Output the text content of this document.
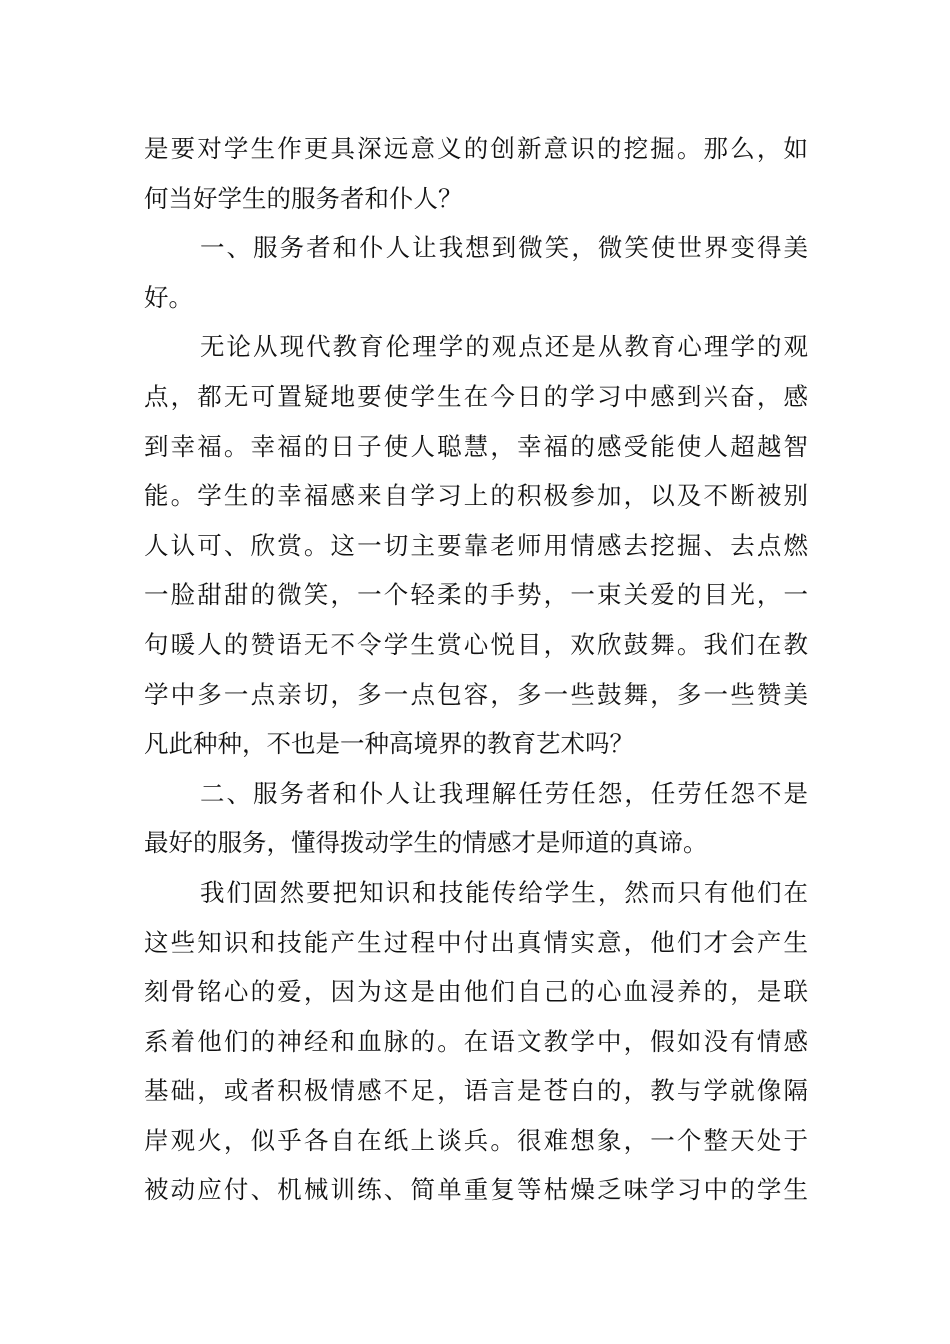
是要对学生作更具深远意义的创新意识的挖掘。那么，如
何当好学生的服务者和仆人？
一、服务者和仆人让我想到微笑，微笑使世界变得美
好。
无论从现代教育伦理学的观点还是从教育心理学的观
点，都无可置疑地要使学生在今日的学习中感到兴奋，感
到幸福。幸福的日子使人聪慧，幸福的感受能使人超越智
能。学生的幸福感来自学习上的积极参加，以及不断被别
人认可、欣赏。这一切主要靠老师用情感去挖掘、去点燃
一脸甜甜的微笑，一个轻柔的手势，一束关爱的目光，一
句暖人的赞语无不令学生赏心悦目，欢欣鼓舞。我们在教
学中多一点亲切，多一点包容，多一些鼓舞，多一些赞美
凡此种种，不也是一种高境界的教育艺术吗？
二、服务者和仆人让我理解任劳任怨，任劳任怨不是
最好的服务，懂得拨动学生的情感才是师道的真谛。
我们固然要把知识和技能传给学生，然而只有他们在
这些知识和技能产生过程中付出真情实意，他们才会产生
刻骨铭心的爱，因为这是由他们自己的心血浸养的，是联
系着他们的神经和血脉的。在语文教学中，假如没有情感
基础，或者积极情感不足，语言是苍白的，教与学就像隔
岸观火，似乎各自在纸上谈兵。很难想象，一个整天处于
被动应付、机械训练、简单重复等枯燥乏味学习中的学生
